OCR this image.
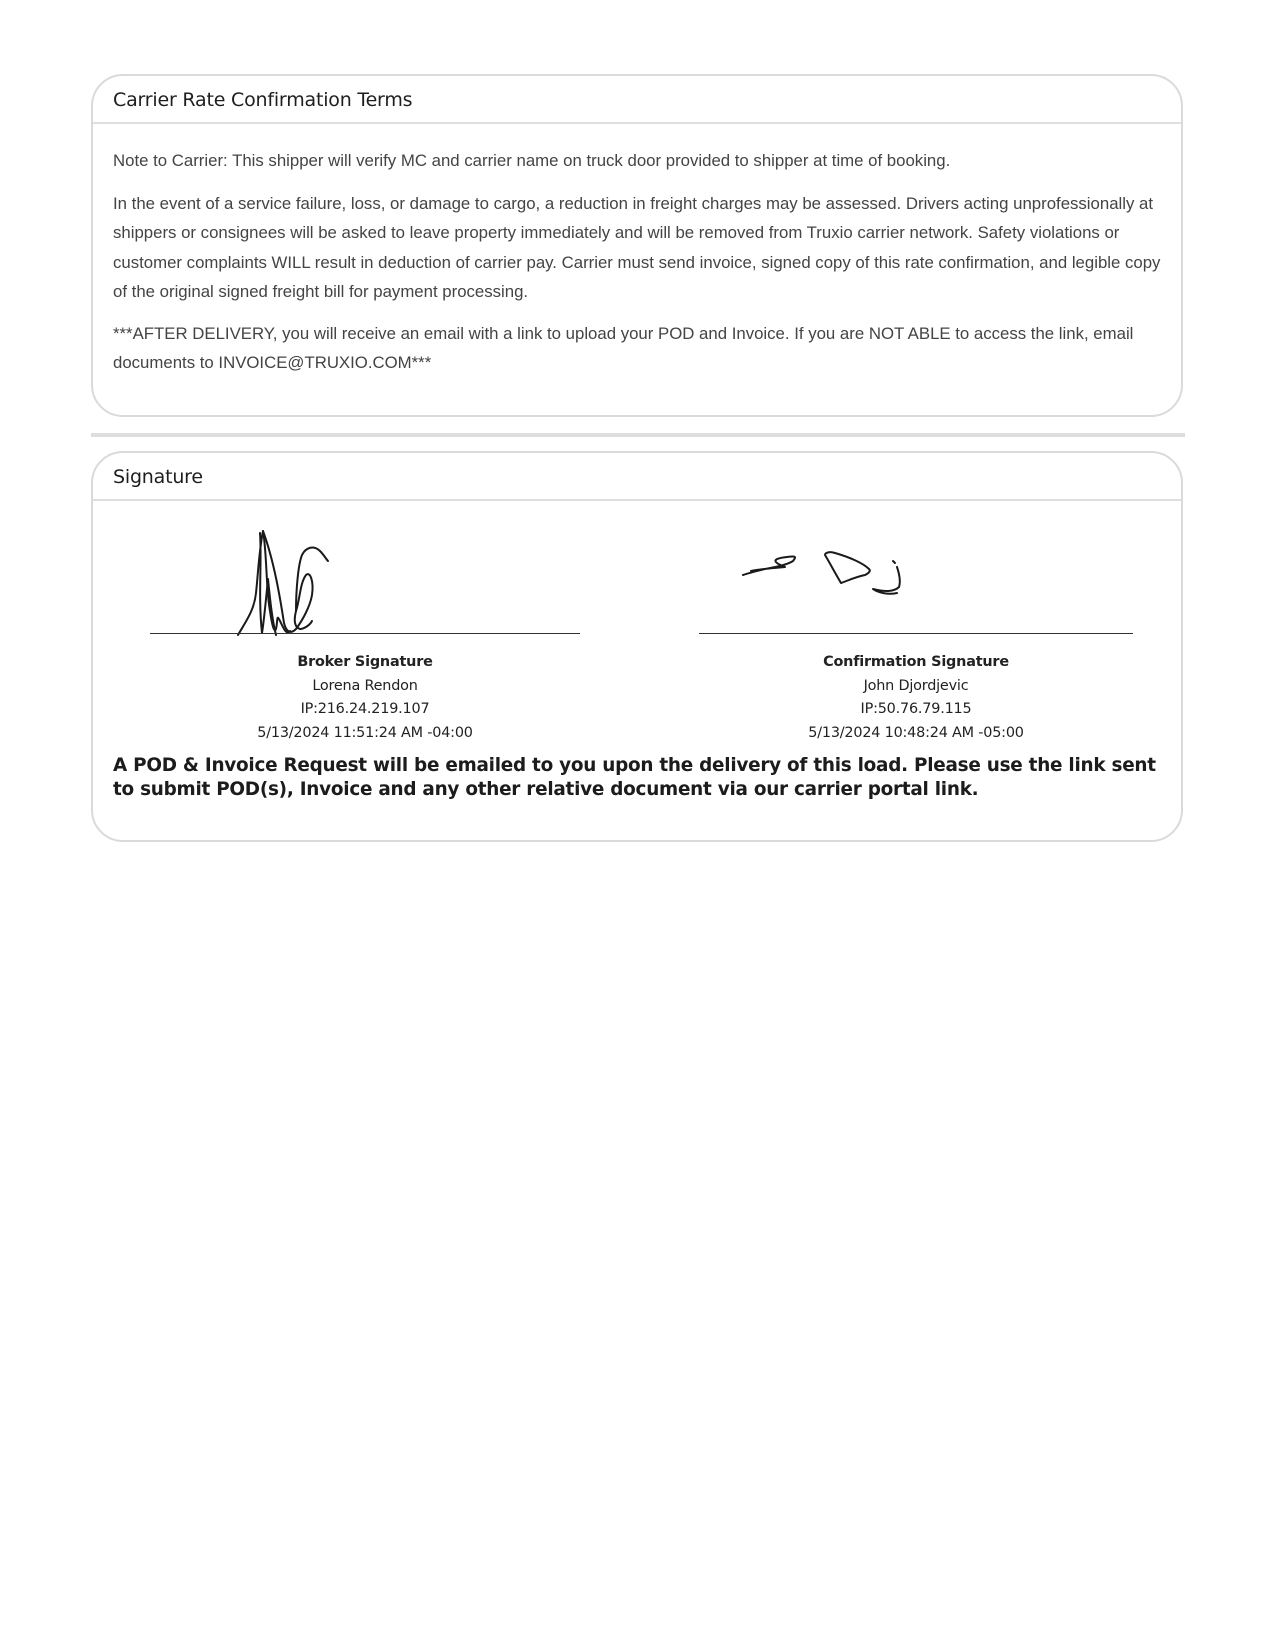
Carrier Rate Confirmation Terms

Note to Carrier: This shipper will verify MC and carrier name on truck door provided to shipper at time of booking.

In the event of a service failure, loss, or damage to cargo, a reduction in freight charges may be assessed. Drivers acting unprofessionally at shippers or consignees will be asked to leave property immediately and will be removed from Truxio carrier network. Safety violations or customer complaints WILL result in deduction of carrier pay. Carrier must send invoice, signed copy of this rate confirmation, and legible copy of the original signed freight bill for payment processing.

***AFTER DELIVERY, you will receive an email with a link to upload your POD and Invoice. If you are NOT ABLE to access the link, email documents to INVOICE@TRUXIO.COM***

Signature
Broker Signature
Lorena Rendon
IP:216.24.219.107
5/13/2024 11:51:24 AM -04:00
Confirmation Signature
John Djordjevic
IP:50.76.79.115
5/13/2024 10:48:24 AM -05:00
A POD & Invoice Request will be emailed to you upon the delivery of this load. Please use the link sent to submit POD(s), Invoice and any other relative document via our carrier portal link.
